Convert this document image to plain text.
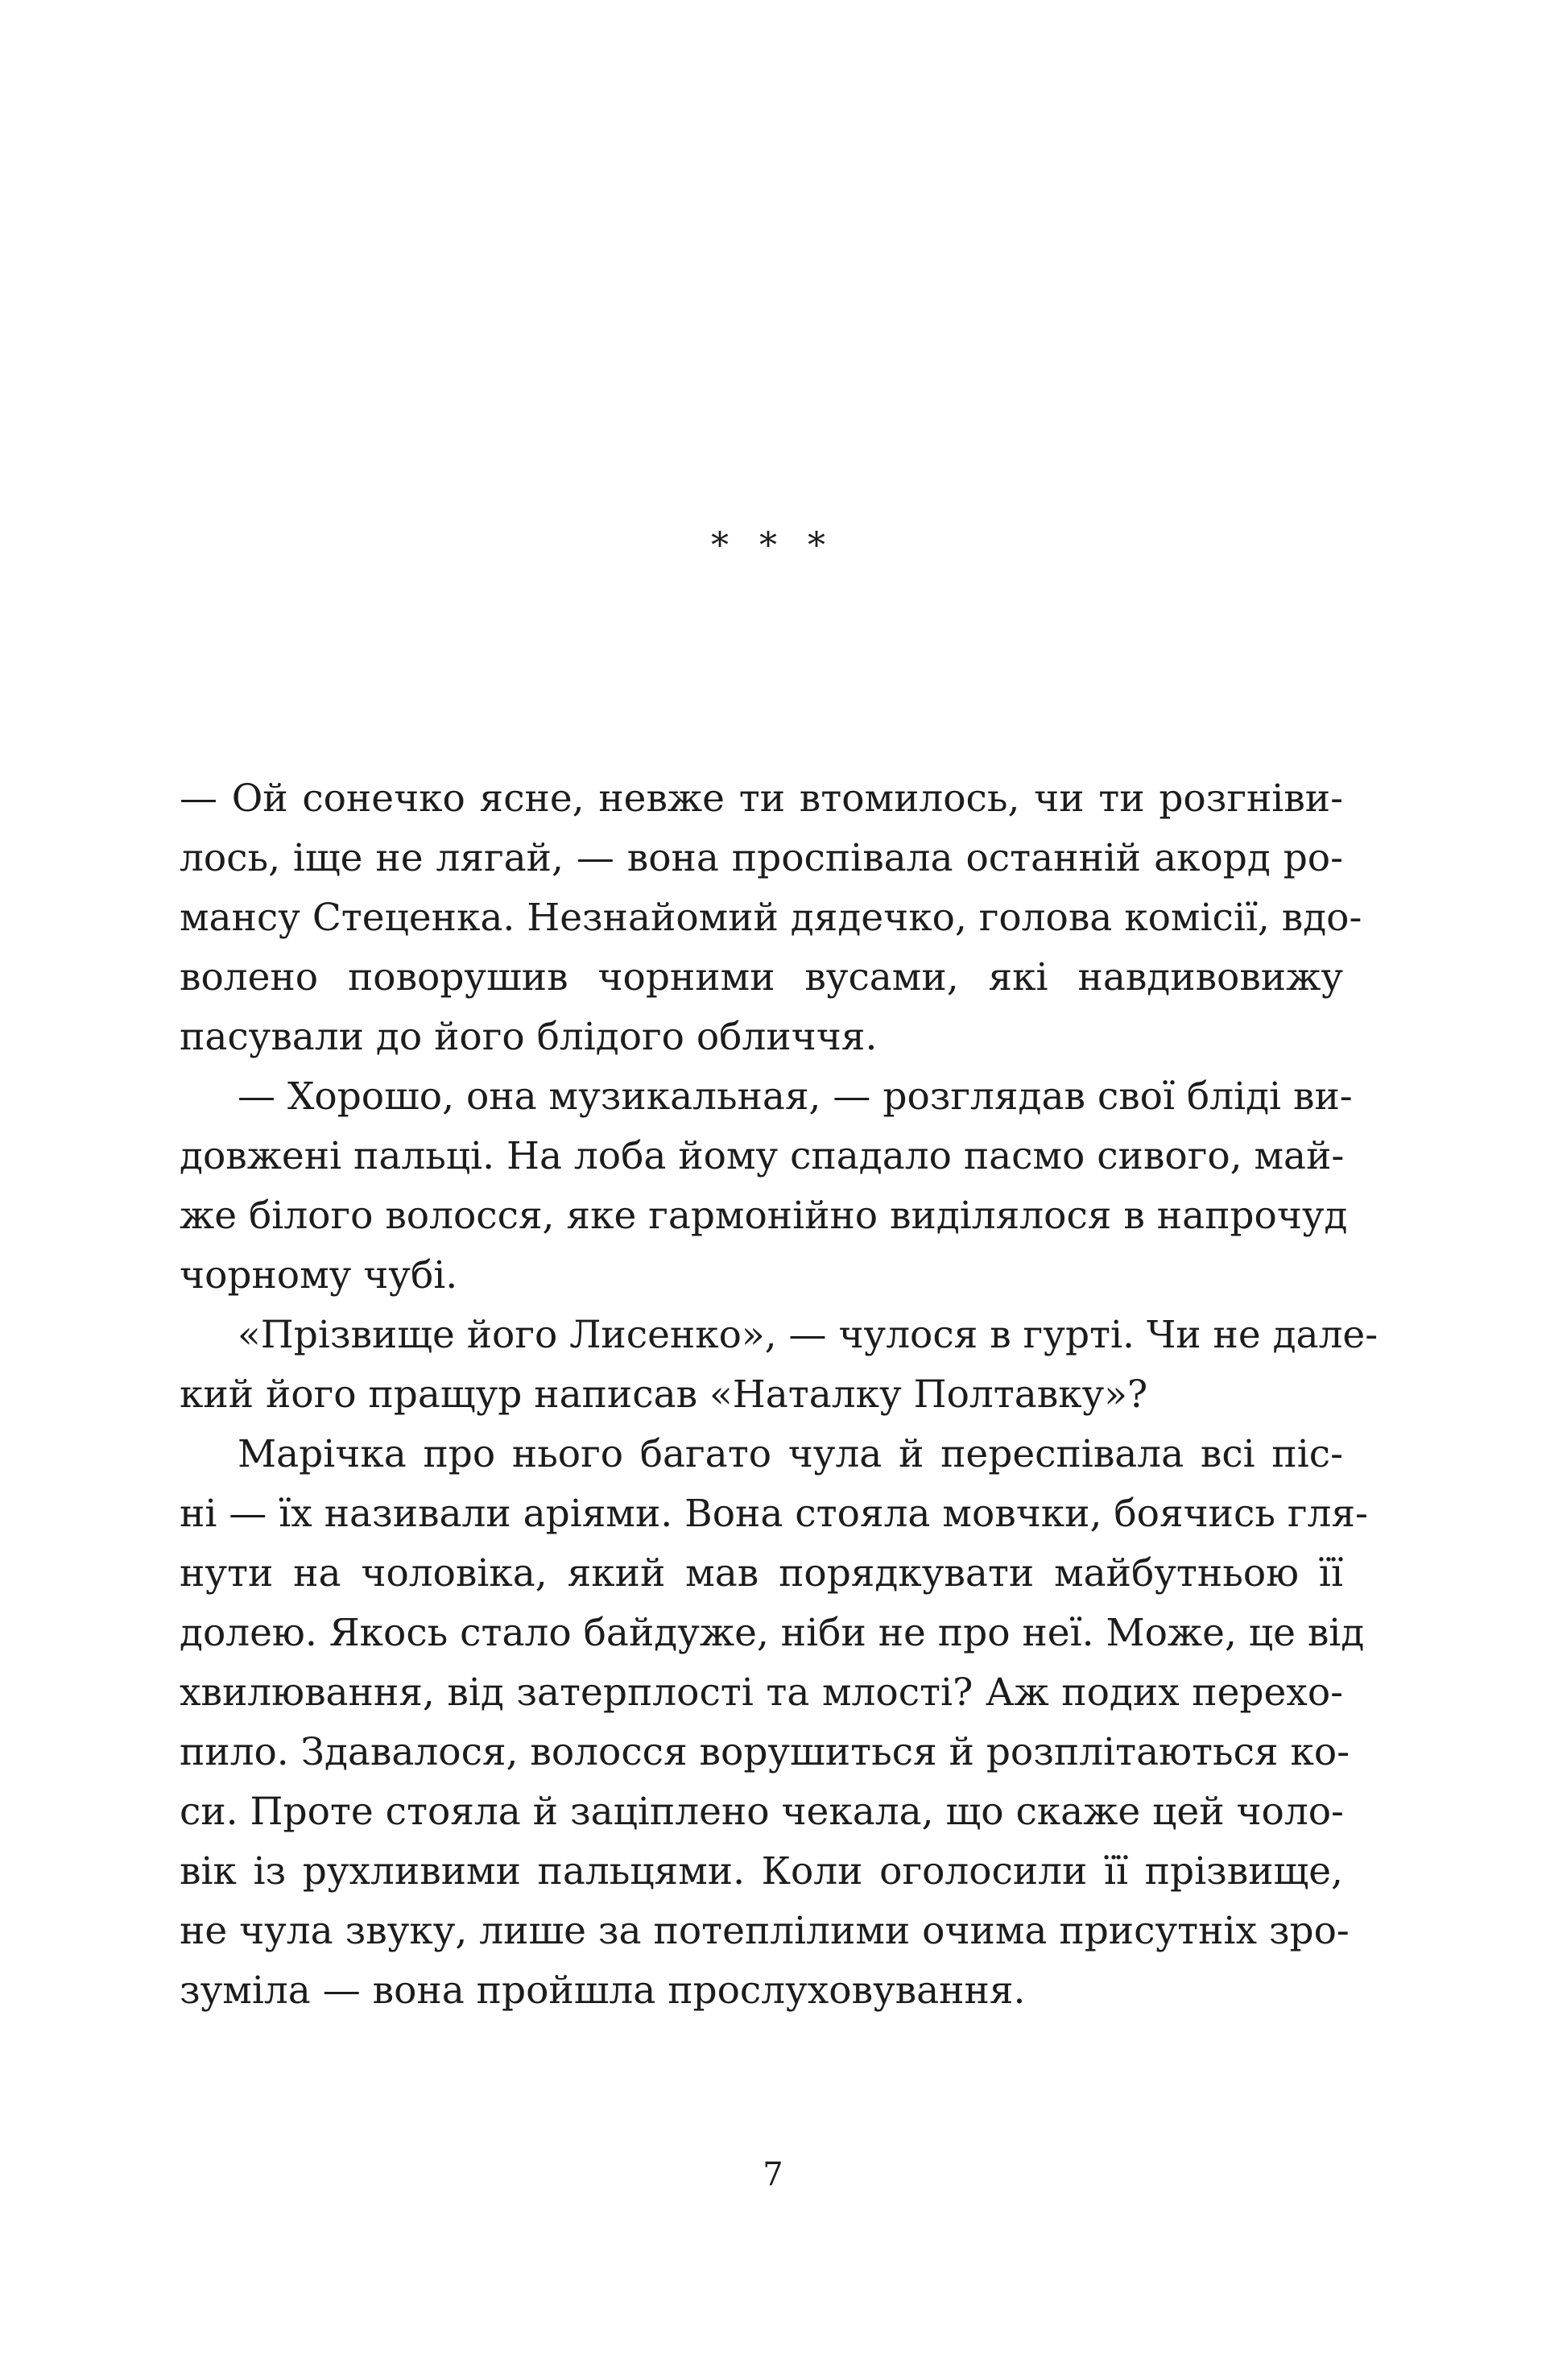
* * *
— Ой сонечко ясне, невже ти втомилось, чи ти розгніви-
лось, іще не лягай, — вона проспівала останній акорд ро-
мансу Стеценка. Незнайомий дядечко, голова комісії, вдо-
волено поворушив чорними вусами, які навдивовижу
пасували до його блідого обличчя.
— Хорошо, она музикальная, — розглядав свої бліді ви-
довжені пальці. На лоба йому спадало пасмо сивого, май-
же білого волосся, яке гармонійно виділялося в напрочуд
чорному чубі.
«Прізвище його Лисенко», — чулося в гурті. Чи не дале-
кий його пращур написав «Наталку Полтавку»?
Марічка про нього багато чула й переспівала всі піс-
ні — їх називали аріями. Вона стояла мовчки, боячись гля-
нути на чоловіка, який мав порядкувати майбутньою її
долею. Якось стало байдуже, ніби не про неї. Може, це від
хвилювання, від затерплості та млості? Аж подих перехо-
пило. Здавалося, волосся ворушиться й розплітаються ко-
си. Проте стояла й заціплено чекала, що скаже цей чоло-
вік із рухливими пальцями. Коли оголосили її прізвище,
не чула звуку, лише за потеплілими очима присутніх зро-
зуміла — вона пройшла прослуховування.
7
